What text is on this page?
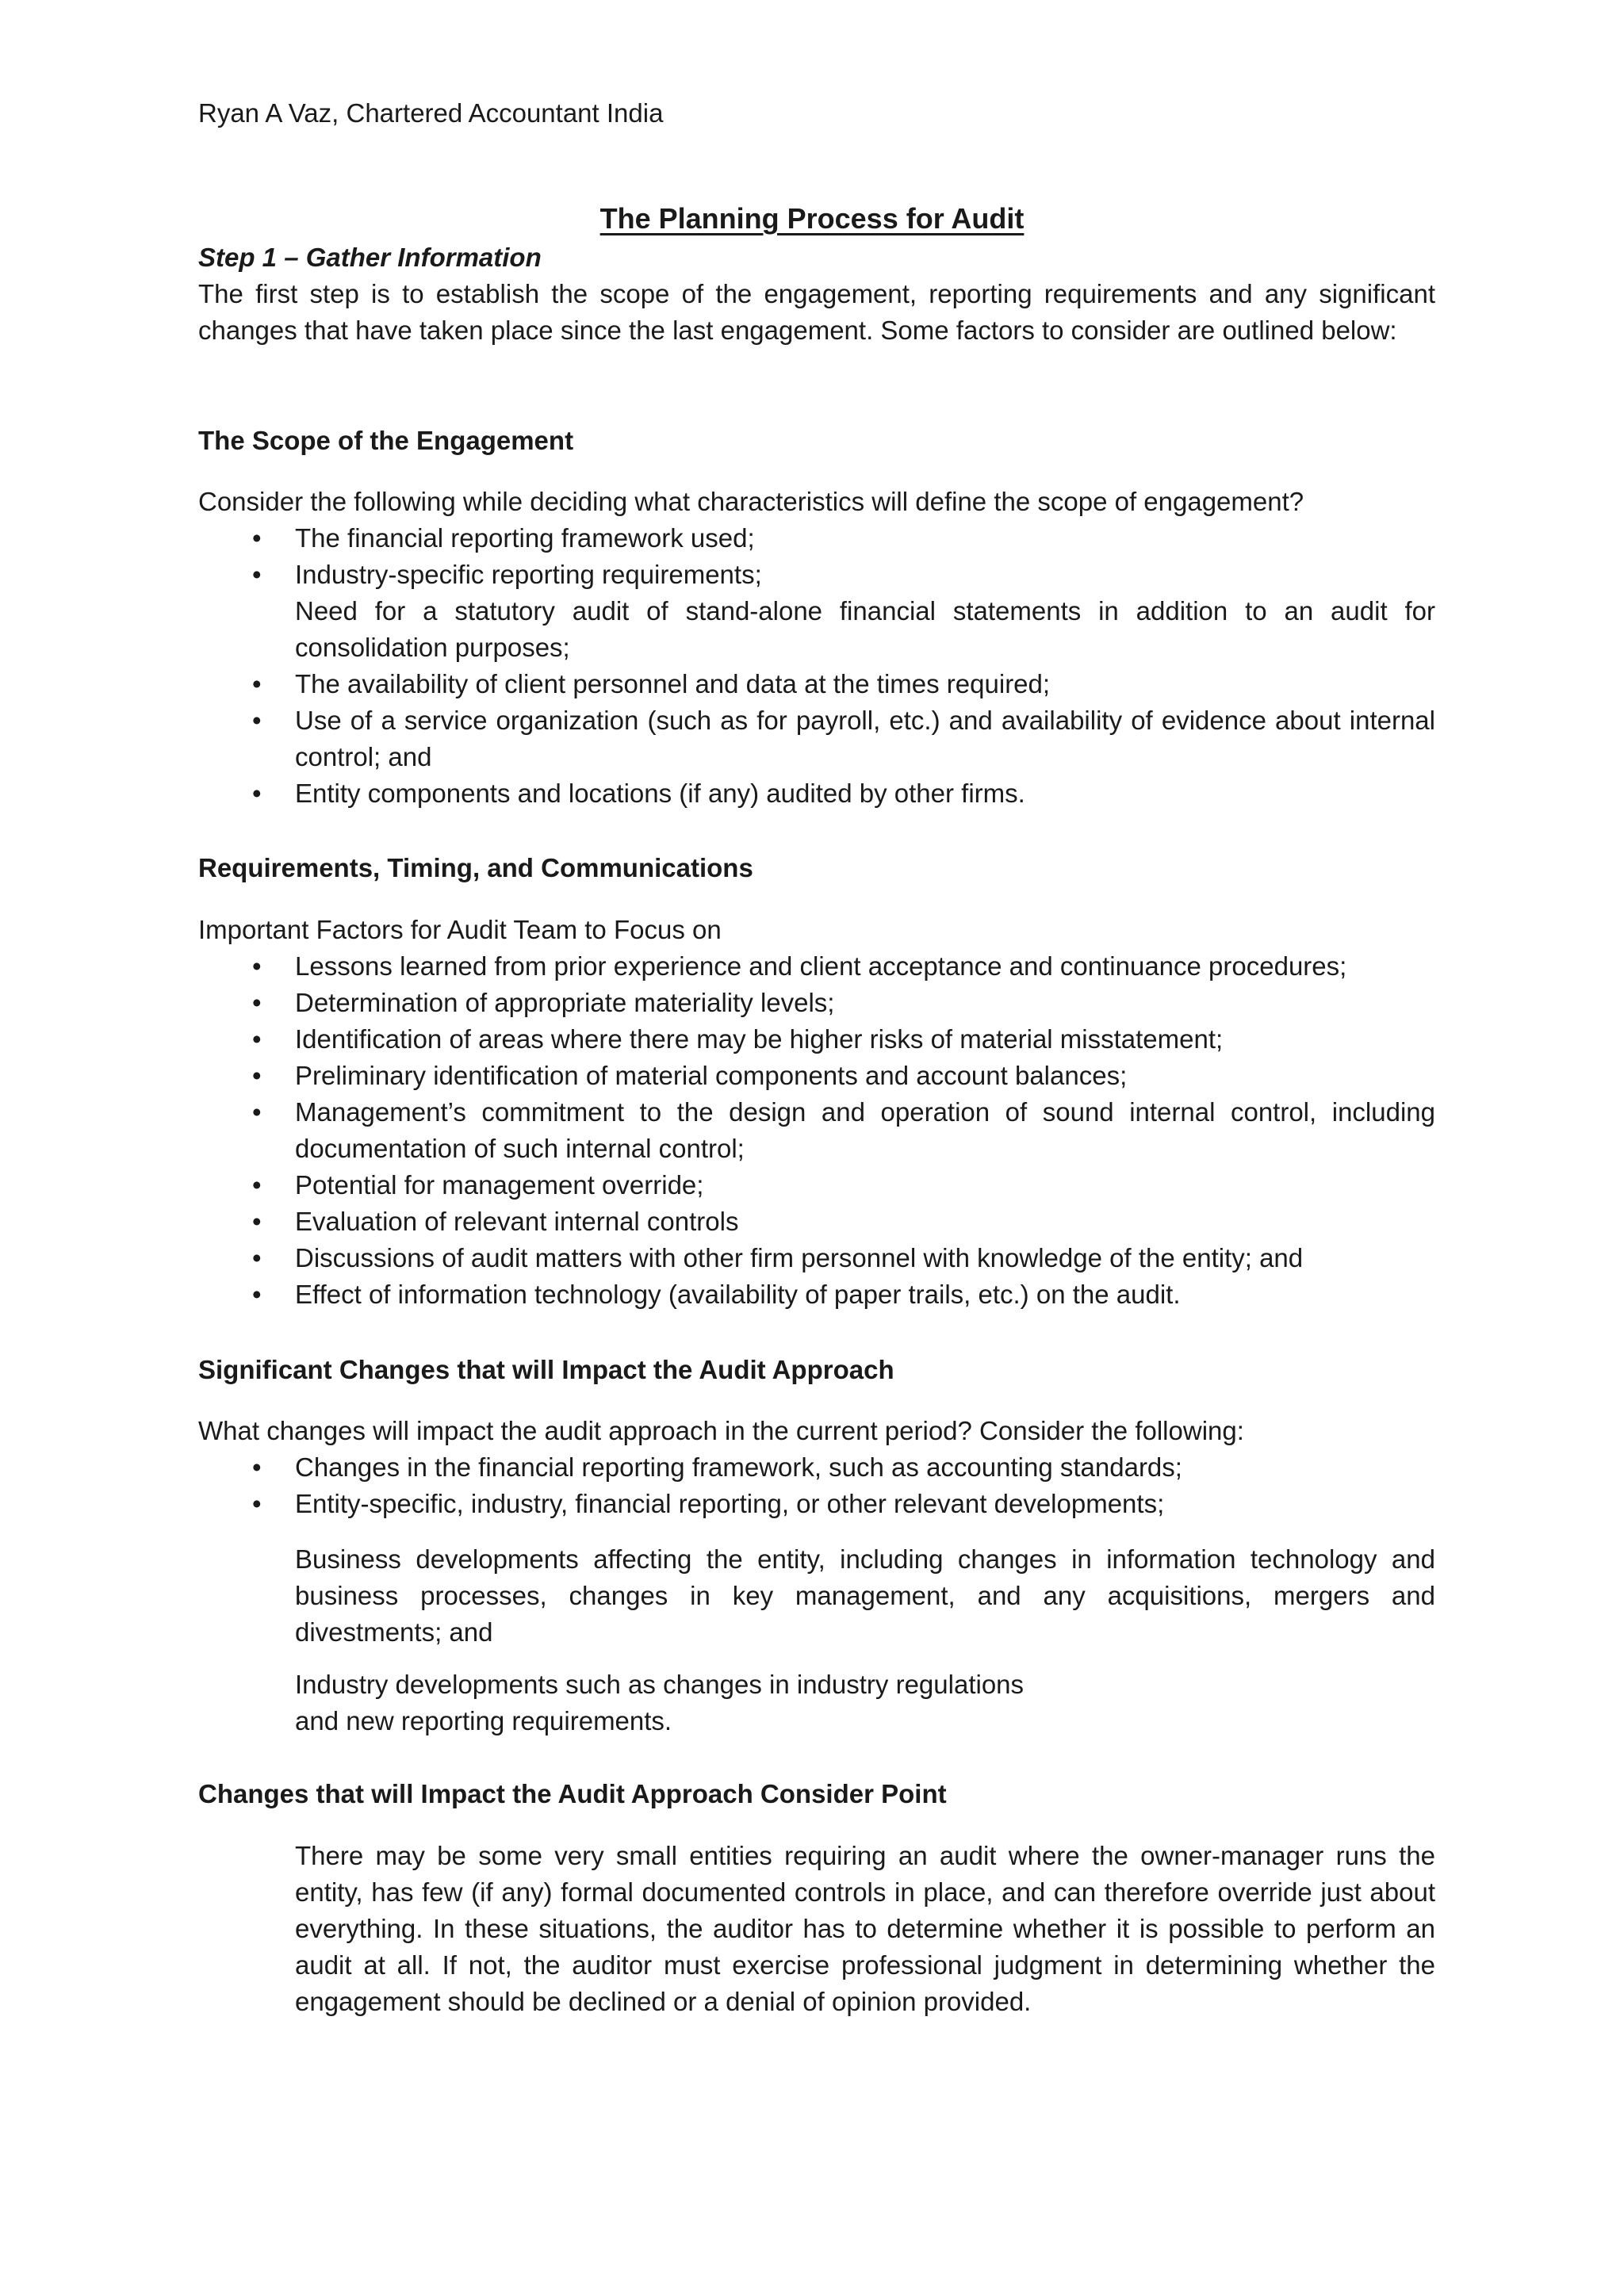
Ryan A Vaz, Chartered Accountant India
The Planning Process for Audit
Step 1 – Gather Information
The first step is to establish the scope of the engagement, reporting requirements and any significant changes that have taken place since the last engagement. Some factors to consider are outlined below:
The Scope of the Engagement
Consider the following while deciding what characteristics will define the scope of engagement?
• The financial reporting framework used;
• Industry-specific reporting requirements;
Need for a statutory audit of stand-alone financial statements in addition to an audit for consolidation purposes;
• The availability of client personnel and data at the times required;
• Use of a service organization (such as for payroll, etc.) and availability of evidence about internal control; and
• Entity components and locations (if any) audited by other firms.
Requirements, Timing, and Communications
Important Factors for Audit Team to Focus on
• Lessons learned from prior experience and client acceptance and continuance procedures;
• Determination of appropriate materiality levels;
• Identification of areas where there may be higher risks of material misstatement;
• Preliminary identification of material components and account balances;
• Management’s commitment to the design and operation of sound internal control, including documentation of such internal control;
• Potential for management override;
• Evaluation of relevant internal controls
• Discussions of audit matters with other firm personnel with knowledge of the entity; and
• Effect of information technology (availability of paper trails, etc.) on the audit.
Significant Changes that will Impact the Audit Approach
What changes will impact the audit approach in the current period? Consider the following:
• Changes in the financial reporting framework, such as accounting standards;
• Entity-specific, industry, financial reporting, or other relevant developments;
Business developments affecting the entity, including changes in information technology and business processes, changes in key management, and any acquisitions, mergers and divestments; and
Industry developments such as changes in industry regulations
and new reporting requirements.
Changes that will Impact the Audit Approach Consider Point
There may be some very small entities requiring an audit where the owner-manager runs the entity, has few (if any) formal documented controls in place, and can therefore override just about everything. In these situations, the auditor has to determine whether it is possible to perform an audit at all. If not, the auditor must exercise professional judgment in determining whether the engagement should be declined or a denial of opinion provided.
